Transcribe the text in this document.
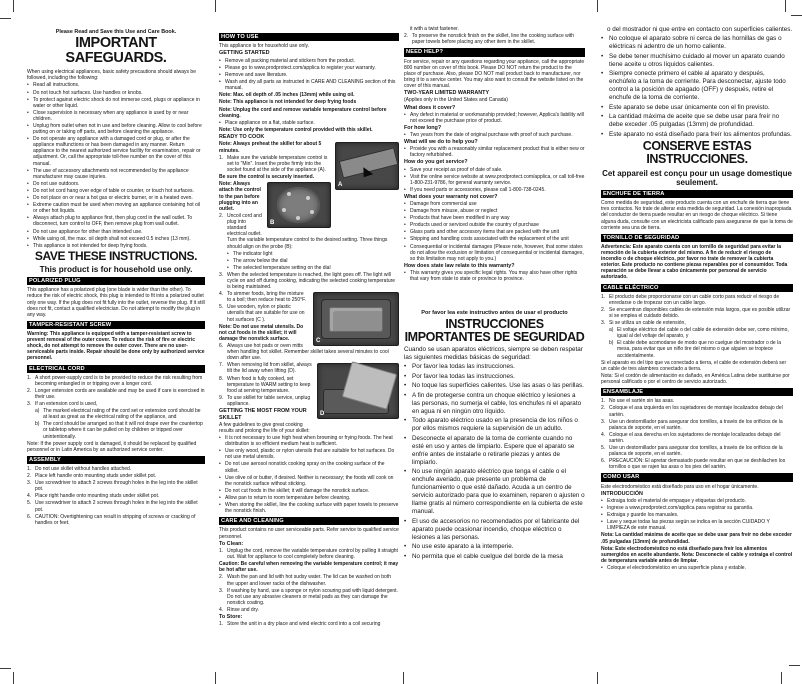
Please Read and Save this Use and Care Book.
IMPORTANT SAFEGUARDS.
When using electrical appliances, basic safety precautions should always be followed, including the following:
• Read all instructions.
• Do not touch hot surfaces. Use handles or knobs.
• To protect against electric shock do not immerse cord, plugs or appliance in water or other liquid.
• Close supervision is necessary when any appliance is used by or near children.
• Unplug from outlet when not in use and before cleaning. Allow to cool before putting on or taking off parts, and before cleaning the appliance.
• Do not operate any appliance with a damaged cord or plug, or after the appliance malfunctions or has been damaged in any manner. Return appliance to the nearest authorized service facility for examination, repair or adjustment. Or, call the appropriate toll-free number on the cover of this manual.
• The use of accessory attachments not recommended by the appliance manufacturer may cause injuries.
• Do not use outdoors.
• Do not let cord hang over edge of table or counter, or touch hot surfaces.
• Do not place on or near a hot gas or electric burner, or in a heated oven.
• Extreme caution must be used when moving an appliance containing hot oil or other hot liquids.
• Always attach plug to appliance first, then plug cord in the wall outlet. To disconnect, turn control to OFF, then remove plug from wall outlet.
• Do not use appliance for other than intended use.
• While using oil, the max. oil depth shall not exceed 0.5 inches (13 mm).
• This appliance is not intended for deep frying foods.
SAVE THESE INSTRUCTIONS.
This product is for household use only.
POLARIZED PLUG
This appliance has a polarized plug (one blade is wider than the other). To reduce the risk of electric shock, this plug is intended to fit into a polarized outlet only one way. If the plug does not fit fully into the outlet, reverse the plug. If it still does not fit, contact a qualified electrician. Do not attempt to modify the plug in any way.
TAMPER-RESISTANT SCREW
Warning: This appliance is equipped with a tamper-resistant screw to prevent removal of the outer cover. To reduce the risk of fire or electric shock, do not attempt to remove the outer cover. There are no user-serviceable parts inside. Repair should be done only by authorized service personnel.
ELECTRICAL CORD
1. A short power-supply cord is to be provided to reduce the risk resulting from becoming entangled in or tripping over a longer cord.
2. Longer extension cords are available and may be used if care is exercised in their use.
3. If an extension cord is used,
a) The marked electrical rating of the cord set or extension cord should be at least as great as the electrical rating of the appliance, and
b) The cord should be arranged so that it will not drape over the countertop or tabletop where it can be pulled on by children or tripped over unintentionally.
Note: If the power supply cord is damaged, it should be replaced by qualified personnel or in Latin America by an authorized service center.
ASSEMBLY
1. Do not use skillet without handles attached.
2. Place left handle onto mounting studs under skillet pot.
3. Use screwdriver to attach 2 screws through holes in the leg into the skillet pot.
4. Place right handle onto mounting studs under skillet pot.
5. Use screwdriver to attach 2 screws through holes in the leg into the skillet pot.
6. CAUTION: Overtightening can result in stripping of screws or cracking of handles or feet.
HOW TO USE
This appliance is for household use only.
GETTING STARTED
• Remove all packing material and stickers from the product.
• Please go to www.prodprotect.com/applica to register your warranty.
• Remove and save literature.
• Wash and dry all parts as instructed in CARE AND CLEANING section of this manual.
Note: Max. oil depth of .05 inches (13mm) while using oil.
Note: This appliance is not intended for deep frying foods
Note: Unplug the cord and remove variable temperature control before cleaning.
• Place appliance on a flat, stable surface.
Note: Use only the temperature control provided with this skillet.
READY TO COOK
A
Note: Always preheat the skillet for about 5 minutes.
1. Make sure the variable temperature control is set to "Min". Insert the probe firmly into the socket found at the side of the appliance (A).
Be sure the control is securely inserted.
B
Note: Always attach the control to the pan before plugging into an outlet.
2. Uncoil cord and plug into standard electrical outlet. Turn the variable temperature control to the desired setting. Three things should align on the probe (B):
• The indicator light
• The arrow below the dial
• The selected temperature setting on the dial
3. When the selected temperature is reached, the light goes off. The light will cycle on and off during cooking, indicating the selected cooking temperature is being maintained.
C
4. To simmer foods, bring the mixture to a boil; then reduce heat to 250°F.
5. Use wooden, nylon or plastic utensils that are suitable for use on hot surfaces (C ).
Note: Do not use metal utensils. Do not cut foods in the skillet; it will damage the nonstick surface.
6. Always use hot pads or oven mitts when handling hot skillet. Remember skillet takes several minutes to cool down after use.
D
7. When removing lid from skillet, always tilt the lid away when lifting (D).
8. When food is fully cooked, set temperature to WARM setting to keep food at serving temperature.
9. To use skillet for table service, unplug appliance.
GETTING THE MOST FROM YOUR SKILLET
A few guidelines to give great cooking results and prolong the life of your skillet:
• It is not necessary to use high heat when browning or frying foods. The heat distribution is so efficient medium heat is sufficient.
• Use only wood, plastic or nylon utensils that are suitable for hot surfaces. Do not use metal utensils.
• Do not use aerosol nonstick cooking spray on the cooking surface of the skillet.
• Use olive oil or butter, if desired. Neither is necessary; the foods will cook on the nonstick surface without sticking.
• Do not cut foods in the skillet; it will damage the nonstick surface.
• Allow pan to return to room temperature before cleaning.
• When storing the skillet, line the cooking surface with paper towels to preserve the nonstick finish.
CARE AND CLEANING
This product contains no user serviceable parts. Refer service to qualified service personnel.
To Clean:
1. Unplug the cord, remove the variable temperature control by pulling it straight out. Wait for appliance to cool completely before cleaning.
Caution: Be careful when removing the variable temperature control; it may be hot after use.
2. Wash the pan and lid with hot sudsy water. The lid can be washed on both the upper and lower racks of the dishwasher.
3. If washing by hand, use a sponge or nylon scouring pad with liquid detergent. Do not use any abrasive cleaners or metal pads as they can damage the nonstick coating.
4. Rinse and dry.
To Store:
1. Store the unit in a dry place and wind electric cord into a coil securing
it with a twist fastener.
2. To preserve the nonstick finish on the skillet, line the cooking surface with paper towels before placing any other item in the skillet.
NEED HELP?
For service, repair or any questions regarding your appliance, call the appropriate 800 number on cover of this book. Please DO NOT return the product to the place of purchase. Also, please DO NOT mail product back to manufacturer, nor bring it to a service center. You may also want to consult the website listed on the cover of this manual.
TWO-YEAR LIMITED WARRANTY
(Applies only in the United States and Canada)
What does it cover?
• Any defect in material or workmanship provided; however, Applica's liability will not exceed the purchase price of product.
For how long?
• Two years from the date of original purchase with proof of such purchase.
What will we do to help you?
• Provide you with a reasonably similar replacement product that is either new or factory refurbished.
How do you get service?
• Save your receipt as proof of date of sale.
• Visit the online service website at www.prodprotect.com/applica, or call toll-free 1-800-231-9786, for general warranty service.
• If you need parts or accessories, please call 1-800-738-0245.
What does your warranty not cover?
• Damage from commercial use
• Damage from misuse, abuse or neglect
• Products that have been modified in any way
• Products used or serviced outside the country of purchase
• Glass parts and other accessory items that are packed with the unit
• Shipping and handling costs associated with the replacement of the unit
• Consequential or incidental damages (Please note, however, that some states do not allow the exclusion or limitation of consequential or incidental damages, so this limitation may not apply to you.)
How does state law relate to this warranty?
• This warranty gives you specific legal rights. You may also have other rights that vary from state to state or province to province.
Por favor lea este instructivo antes de usar el producto
INSTRUCCIONES IMPORTANTES DE SEGURIDAD
Cuando se usan aparatos eléctricos, siempre se deben respetar las siguientes medidas básicas de seguridad:
• Por favor lea todas las instrucciones.
• Por favor lea todas las instrucciones.
• No toque las superficies calientes. Use las asas o las perillas.
• A fin de protegerse contra un choque eléctrico y lesiones a las personas, no sumerja el cable, los enchufes ni el aparato en agua ni en ningún otro líquido.
• Todo aparato eléctrico usado en la presencia de los niños o por ellos mismos requiere la supervisión de un adulto.
• Desconecte el aparato de la toma de corriente cuando no esté en uso y antes de limpiarlo. Espere que el aparato se enfríe antes de instalarle o retirarle piezas y antes de limpiarlo.
• No use ningún aparato eléctrico que tenga el cable o el enchufe averiado, que presente un problema de funcionamiento o que esté dañado. Acuda a un centro de servicio autorizado para que lo examinen, reparen o ajusten o llame gratis al número correspondiente en la cubierta de este manual.
• El uso de accesorios no recomendados por el fabricante del aparato puede ocasionar incendio, choque eléctrico o lesiones a las personas.
• No use este aparato a la intemperie.
• No permita que el cable cuelgue del borde de la mesa
o del mostrador ni que entre en contacto con superficies calientes.
• No coloque el aparato sobre ni cerca de las hornillas de gas o eléctricas ni adentro de un horno caliente.
• Se debe tener muchísimo cuidado al mover un aparato cuando tiene aceite u otros líquidos calientes.
• Siempre conecte primero el cable al aparato y después, enchúfelo a la toma de corriente. Para desconectar, ajuste todo control a la posición de apagado (OFF) y después, retire el enchufe de la toma de corriente.
• Este aparato se debe usar únicamente con el fin previsto.
• La cantidad máxima de aceite que se debe usar para freír no debe exceder .05 pulgadas (13mm) de profundidad.
• Este aparato no está diseñado para freír los alimentos profundas.
CONSERVE ESTAS INSTRUCCIONES.
Cet appareil est conçu pour un usage domestique seulement.
ENCHUFE DE TIERRA
Como medida de seguridad, este producto cuenta con un enchufe de tierra que tiene tres contactos. No trate de alterar esta medida de seguridad. La conexión inapropiada del conductor de tierra puede resultar en un riesgo de choque eléctrico. Si tiene alguna duda, consulte con un electricista calificado para asegurarse de que la toma de corriente sea una de tierra.
TORNILLO DE SEGURIDAD
Advertencia: Este aparato cuenta con un tornillo de seguridad para evitar la remoción de la cubierta exterior del mismo. A fin de reducir el riesgo de incendio o de choque eléctrico, por favor no trate de remover la cubierta exterior. Este producto no contiene piezas reparables por el consumidor. Toda reparación se debe llevar a cabo únicamente por personal de servicio autorizado.
CABLE ELÉCTRICO
1. El producto debe proporcionarse con un cable corto para reducir el riesgo de enredarse o de tropezar con un cable largo.
2. Se encuentran disponibles cables de extensión más largos, que es posible utilizar si se emplea el cuidado debido.
3. Si se utiliza un cable de extensión,
a) El voltaje eléctrico del cable o del cable de extensión debe ser, como mínimo, igual al del voltaje del aparato, y
b) El cable debe acomodarse de modo que no cuelgue del mostrador o de la mesa, para evitar que un niño tire del mismo o que alguien se tropiece accidentalmente.
Si el aparato es del tipo que va conectado a tierra, el cable de extensión deberá ser un cable de tres alambres conectado a tierra.
Nota: Si el cordón de alimentación es dañado, en América Latina debe sustituirse por personal calificado o por el centro de servicio autorizado.
ENSAMBLAJE
1. No use el sartén sin las asas.
2. Coloque el asa izquierda en los sujetadores de montaje localizados debajo del sartén.
3. Use un destornillador para asegurar dos tornillos, a través de los orificios de la palanca de soporte, en el sartén.
4. Coloque el asa derecha en los sujetadores de montaje localizados debajo del sartén.
5. Use un destornillador para asegurar dos tornillos, a través de los orificios de la palanca de soporte, en el sartén.
6. PRECAUCIÓN: El apretar demasiado puede resultar en que se deshilachen los tornillos o que se rajen las asas o los pies del sartén.
COMO USAR
Este electrodoméstico está diseñado para uso en el hogar únicamente.
INTRODUCCIÓN
• Extraiga todo el material de empaque y etiquetas del producto.
• Ingrese a www.prodprotect.com/applica para registrar su garantía.
• Extraiga y guarde los manuales.
• Lave y seque todas las piezas según se indica en la sección CUIDADO Y LIMPIEZA de este manual.
Nota: La cantidad máxima de aceite que se debe usar para freír no debe exceder .05 pulgadas (13mm) de profundidad.
Nota: Este electrodoméstico no está diseñado para freír los alimentos sumergidos en aceite abundante. Nota: Desconecte el cable y extraiga el control de temperatura variable antes de limpiar.
• Coloque el electrodoméstico en una superficie plana y estable.
